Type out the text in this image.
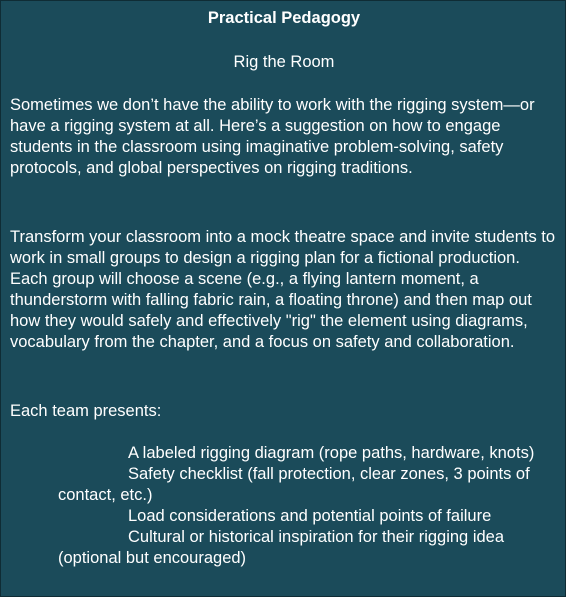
Practical Pedagogy
Rig the Room

Sometimes we don’t have the ability to work with the rigging system—or have a rigging system at all. Here’s a suggestion on how to engage students in the classroom using imaginative problem-solving, safety protocols, and global perspectives on rigging traditions.

Transform your classroom into a mock theatre space and invite students to work in small groups to design a rigging plan for a fictional production. Each group will choose a scene (e.g., a flying lantern moment, a thunderstorm with falling fabric rain, a floating throne) and then map out how they would safely and effectively "rig" the element using diagrams, vocabulary from the chapter, and a focus on safety and collaboration.

Each team presents:

A labeled rigging diagram (rope paths, hardware, knots)
Safety checklist (fall protection, clear zones, 3 points of contact, etc.)
Load considerations and potential points of failure
Cultural or historical inspiration for their rigging idea (optional but encouraged)
